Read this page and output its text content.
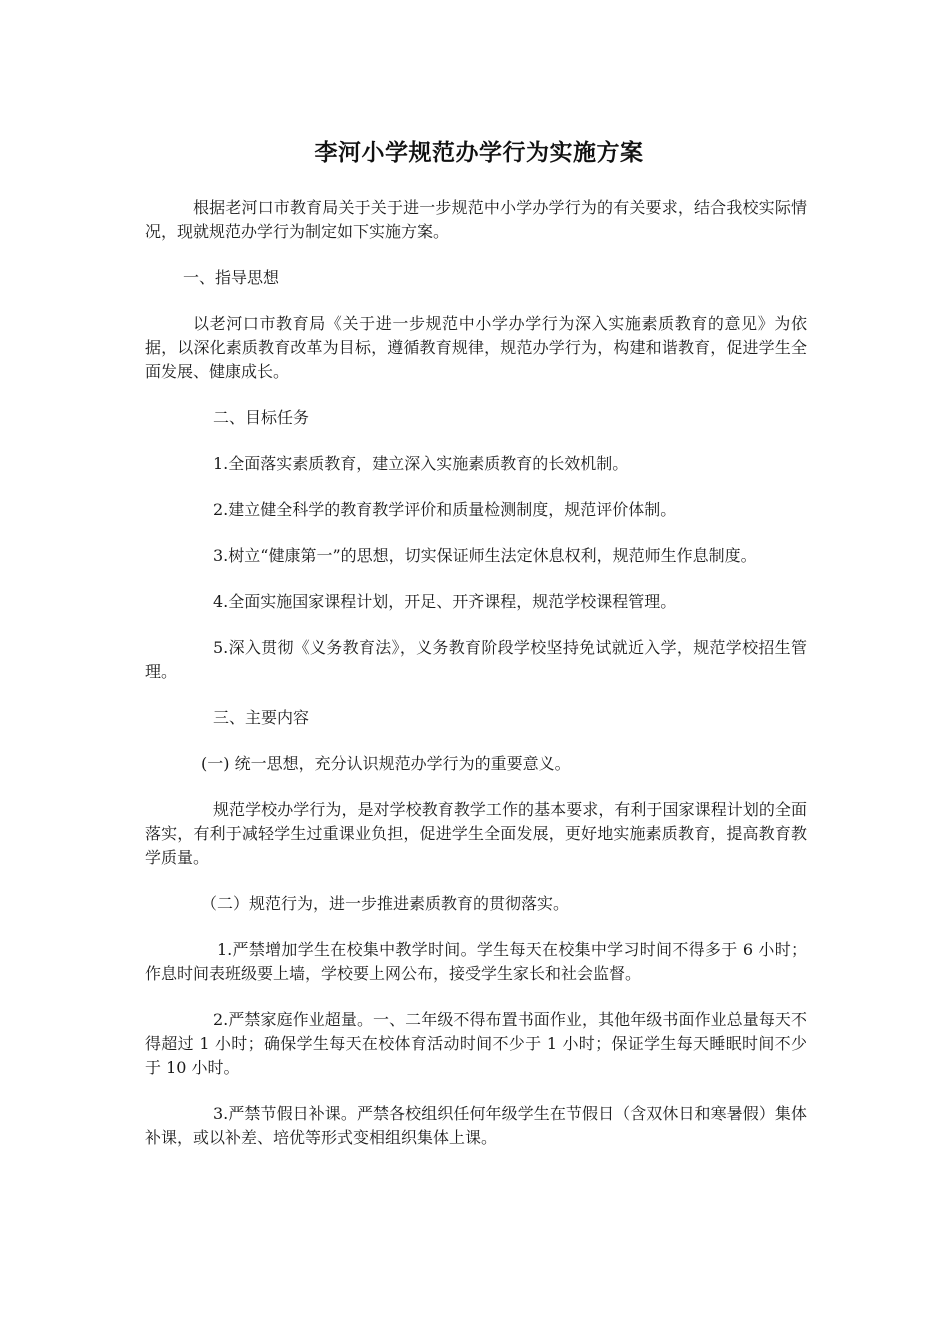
李河小学规范办学行为实施方案

根据老河口市教育局关于关于进一步规范中小学办学行为的有关要求，结合我校实际情况，现就规范办学行为制定如下实施方案。

一、指导思想

以老河口市教育局《关于进一步规范中小学办学行为深入实施素质教育的意见》为依据，以深化素质教育改革为目标，遵循教育规律，规范办学行为，构建和谐教育，促进学生全面发展、健康成长。

二、目标任务

1.全面落实素质教育，建立深入实施素质教育的长效机制。

2.建立健全科学的教育教学评价和质量检测制度，规范评价体制。

3.树立“健康第一”的思想，切实保证师生法定休息权利，规范师生作息制度。

4.全面实施国家课程计划，开足、开齐课程，规范学校课程管理。

5.深入贯彻《义务教育法》，义务教育阶段学校坚持免试就近入学，规范学校招生管理。

三、主要内容

(一) 统一思想，充分认识规范办学行为的重要意义。

规范学校办学行为，是对学校教育教学工作的基本要求，有利于国家课程计划的全面落实，有利于减轻学生过重课业负担，促进学生全面发展，更好地实施素质教育，提高教育教学质量。

（二）规范行为，进一步推进素质教育的贯彻落实。

1.严禁增加学生在校集中教学时间。学生每天在校集中学习时间不得多于 6 小时；作息时间表班级要上墙，学校要上网公布，接受学生家长和社会监督。

2.严禁家庭作业超量。一、二年级不得布置书面作业，其他年级书面作业总量每天不得超过 1 小时；确保学生每天在校体育活动时间不少于 1 小时；保证学生每天睡眠时间不少于 10 小时。

3.严禁节假日补课。严禁各校组织任何年级学生在节假日（含双休日和寒暑假）集体补课，或以补差、培优等形式变相组织集体上课。
